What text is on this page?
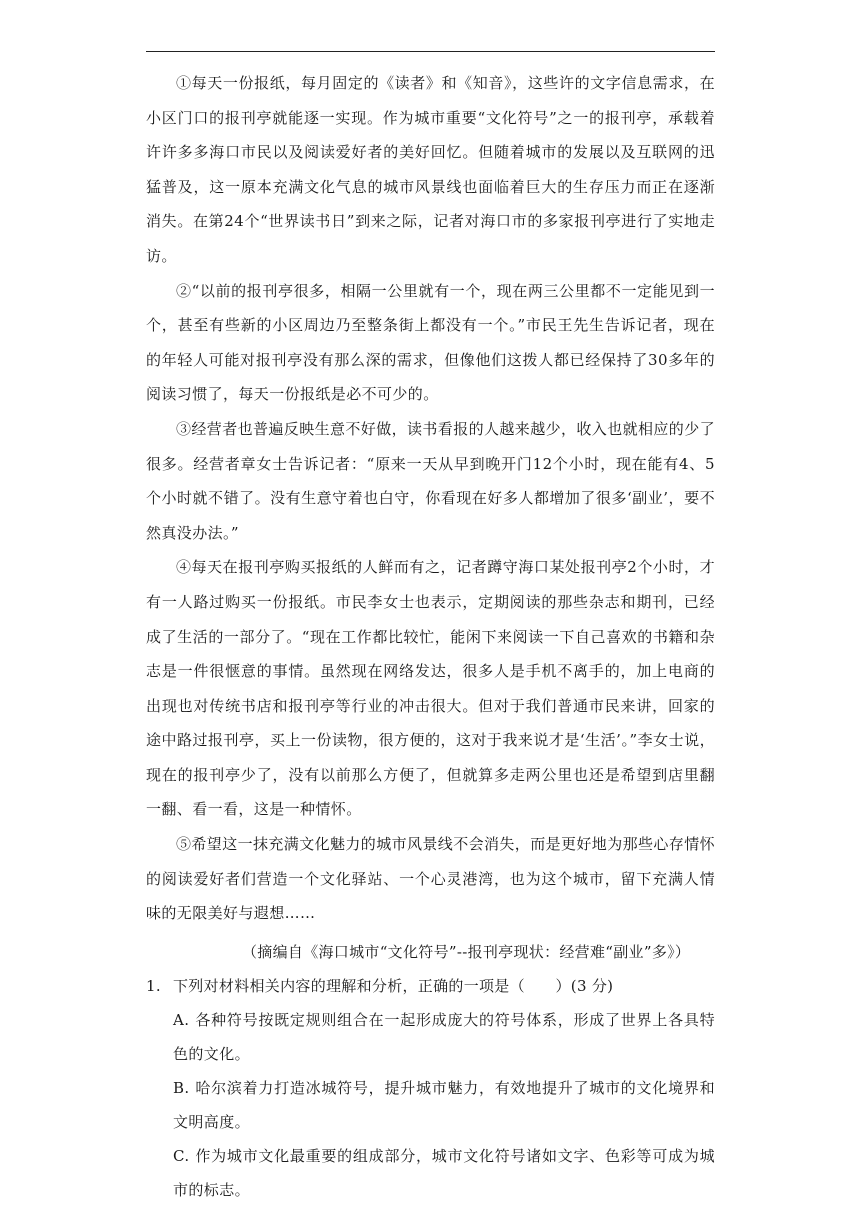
①每天一份报纸，每月固定的《读者》和《知音》，这些许的文字信息需求，在小区门口的报刊亭就能逐一实现。作为城市重要“文化符号”之一的报刊亭，承载着许许多多海口市民以及阅读爱好者的美好回忆。但随着城市的发展以及互联网的迅猛普及，这一原本充满文化气息的城市风景线也面临着巨大的生存压力而正在逐渐消失。在第24个“世界读书日”到来之际，记者对海口市的多家报刊亭进行了实地走访。

②“以前的报刊亭很多，相隔一公里就有一个，现在两三公里都不一定能见到一个，甚至有些新的小区周边乃至整条街上都没有一个。”市民王先生告诉记者，现在的年轻人可能对报刊亭没有那么深的需求，但像他们这拨人都已经保持了30多年的阅读习惯了，每天一份报纸是必不可少的。

③经营者也普遍反映生意不好做，读书看报的人越来越少，收入也就相应的少了很多。经营者章女士告诉记者：“原来一天从早到晚开门12个小时，现在能有4、5个小时就不错了。没有生意守着也白守，你看现在好多人都增加了很多‘副业’，要不然真没办法。”

④每天在报刊亭购买报纸的人鲜而有之，记者蹲守海口某处报刊亭2个小时，才有一人路过购买一份报纸。市民李女士也表示，定期阅读的那些杂志和期刊，已经成了生活的一部分了。“现在工作都比较忙，能闲下来阅读一下自己喜欢的书籍和杂志是一件很惬意的事情。虽然现在网络发达，很多人是手机不离手的，加上电商的出现也对传统书店和报刊亭等行业的冲击很大。但对于我们普通市民来讲，回家的途中路过报刊亭，买上一份读物，很方便的，这对于我来说才是‘生活’。”李女士说，现在的报刊亭少了，没有以前那么方便了，但就算多走两公里也还是希望到店里翻一翻、看一看，这是一种情怀。

⑤希望这一抹充满文化魅力的城市风景线不会消失，而是更好地为那些心存情怀的阅读爱好者们营造一个文化驿站、一个心灵港湾，也为这个城市，留下充满人情味的无限美好与遐想……

（摘编自《海口城市“文化符号”--报刊亭现状：经营难“副业”多》）
1. 下列对材料相关内容的理解和分析，正确的一项是（　　）(3 分)
A. 各种符号按既定规则组合在一起形成庞大的符号体系，形成了世界上各具特色的文化。
B. 哈尔滨着力打造冰城符号，提升城市魅力，有效地提升了城市的文化境界和文明高度。
C. 作为城市文化最重要的组成部分，城市文化符号诸如文字、色彩等可成为城市的标志。
